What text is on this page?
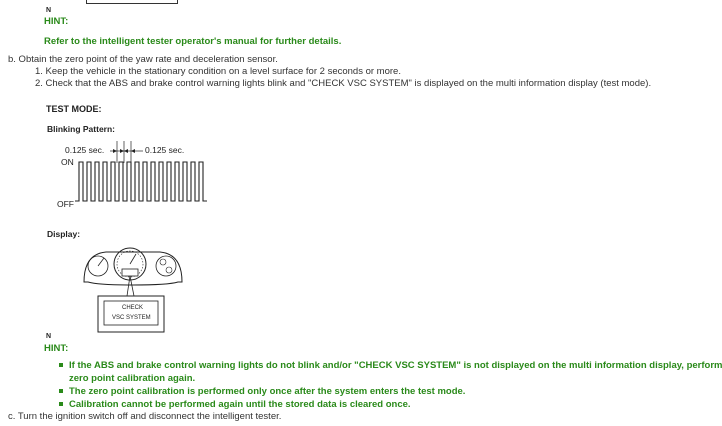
N
HINT:
Refer to the intelligent tester operator's manual for further details.
b. Obtain the zero point of the yaw rate and deceleration sensor.
1. Keep the vehicle in the stationary condition on a level surface for 2 seconds or more.
2. Check that the ABS and brake control warning lights blink and "CHECK VSC SYSTEM" is displayed on the multi information display (test mode).
TEST MODE:
Blinking Pattern:
0.125 sec.	0.125 sec.
ON
OFF
Display:
CHECK
VSC SYSTEM
N
HINT:
If the ABS and brake control warning lights do not blink and/or "CHECK VSC SYSTEM" is not displayed on the multi information display, perform
zero point calibration again.
The zero point calibration is performed only once after the system enters the test mode.
Calibration cannot be performed again until the stored data is cleared once.
c. Turn the ignition switch off and disconnect the intelligent tester.
